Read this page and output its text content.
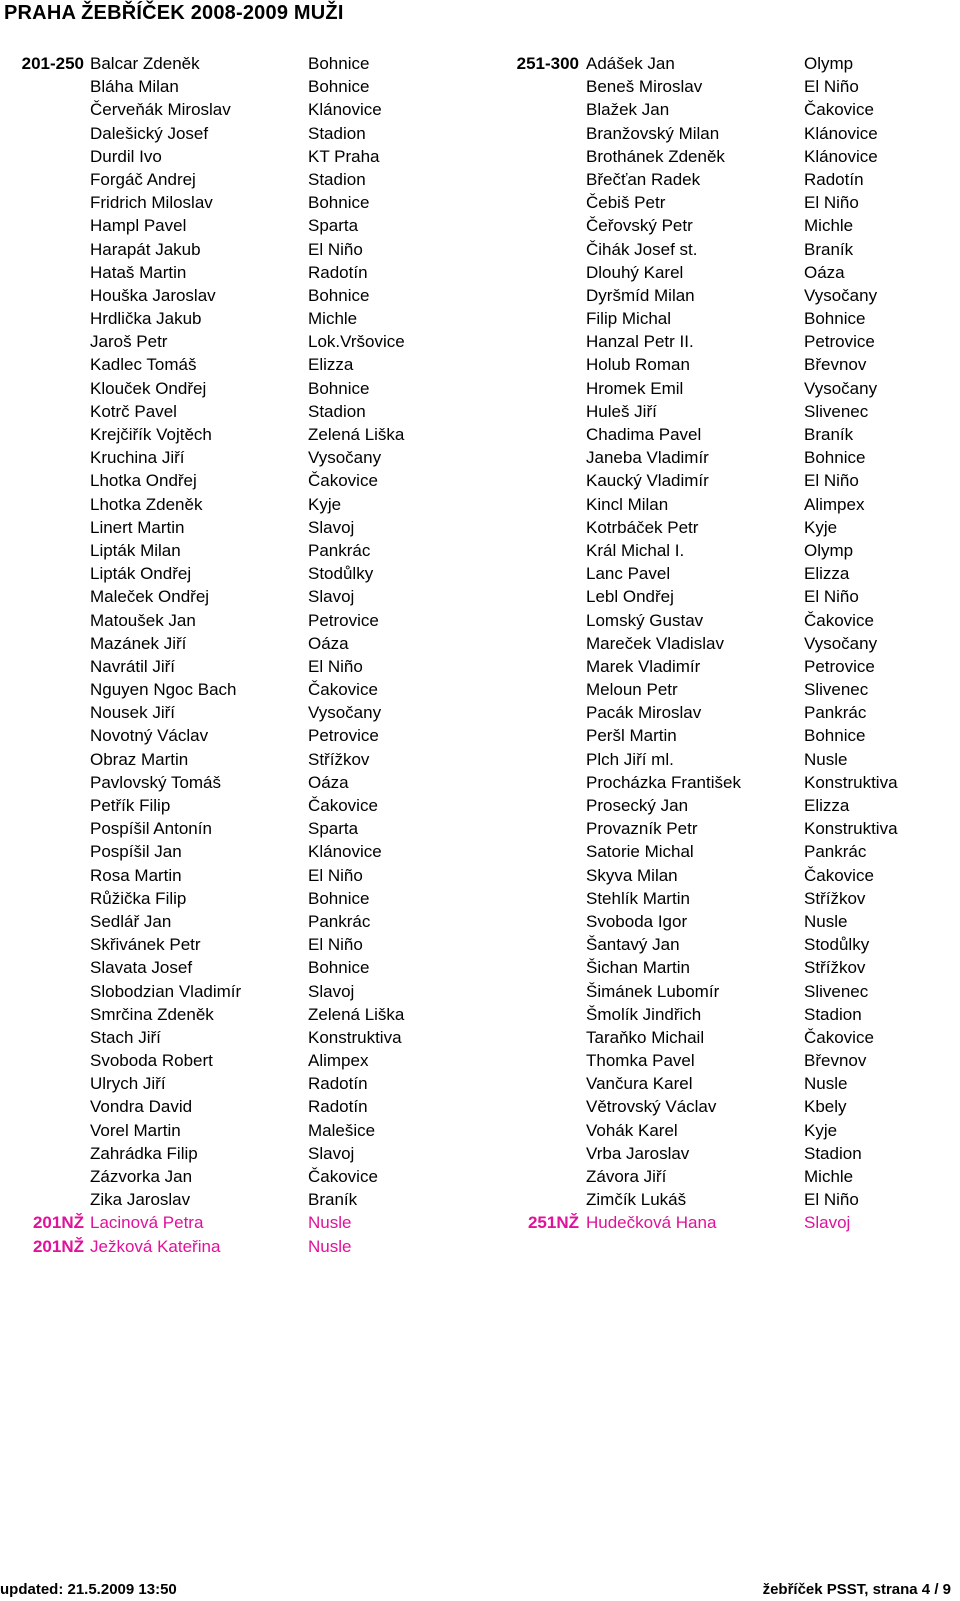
PRAHA ŽEBŘÍČEK 2008-2009 MUŽI
201-250 Balcar Zdeněk	Bohnice
Bláha Milan	Bohnice
Červeňák Miroslav	Klánovice
Dalešický Josef	Stadion
Durdil Ivo	KT Praha
Forgáč Andrej	Stadion
Fridrich Miloslav	Bohnice
Hampl Pavel	Sparta
Harapát Jakub	El Niño
Hataš Martin	Radotín
Houška Jaroslav	Bohnice
Hrdlička Jakub	Michle
Jaroš Petr	Lok.Vršovice
Kadlec Tomáš	Elizza
Klouček Ondřej	Bohnice
Kotrč Pavel	Stadion
Krejčiřík Vojtěch	Zelená Liška
Kruchina Jiří	Vysočany
Lhotka Ondřej	Čakovice
Lhotka Zdeněk	Kyje
Linert Martin	Slavoj
Lipták Milan	Pankrác
Lipták Ondřej	Stodůlky
Maleček Ondřej	Slavoj
Matoušek Jan	Petrovice
Mazánek Jiří	Oáza
Navrátil Jiří	El Niño
Nguyen Ngoc Bach	Čakovice
Nousek Jiří	Vysočany
Novotný Václav	Petrovice
Obraz Martin	Střížkov
Pavlovský Tomáš	Oáza
Petřík Filip	Čakovice
Pospíšil Antonín	Sparta
Pospíšil Jan	Klánovice
Rosa Martin	El Niño
Růžička Filip	Bohnice
Sedlář Jan	Pankrác
Skřivánek Petr	El Niño
Slavata Josef	Bohnice
Slobodzian Vladimír	Slavoj
Smrčina Zdeněk	Zelená Liška
Stach Jiří	Konstruktiva
Svoboda Robert	Alimpex
Ulrych Jiří	Radotín
Vondra David	Radotín
Vorel Martin	Malešice
Zahrádka Filip	Slavoj
Zázvorka Jan	Čakovice
Zika Jaroslav	Braník
201NŽ Lacinová Petra	Nusle
201NŽ Ježková Kateřina	Nusle
251-300 Adášek Jan	Olymp
Beneš Miroslav	El Niño
Blažek Jan	Čakovice
Branžovský Milan	Klánovice
Brothánek Zdeněk	Klánovice
Břečťan Radek	Radotín
Čebiš Petr	El Niño
Čeřovský Petr	Michle
Čihák Josef st.	Braník
Dlouhý Karel	Oáza
Dyršmíd Milan	Vysočany
Filip Michal	Bohnice
Hanzal Petr II.	Petrovice
Holub Roman	Břevnov
Hromek Emil	Vysočany
Huleš Jiří	Slivenec
Chadima Pavel	Braník
Janeba Vladimír	Bohnice
Kaucký Vladimír	El Niño
Kincl Milan	Alimpex
Kotrbáček Petr	Kyje
Král Michal I.	Olymp
Lanc Pavel	Elizza
Lebl Ondřej	El Niño
Lomský Gustav	Čakovice
Mareček Vladislav	Vysočany
Marek Vladimír	Petrovice
Meloun Petr	Slivenec
Pacák Miroslav	Pankrác
Peršl Martin	Bohnice
Plch Jiří ml.	Nusle
Procházka František	Konstruktiva
Prosecký Jan	Elizza
Provazník Petr	Konstruktiva
Satorie Michal	Pankrác
Skyva Milan	Čakovice
Stehlík Martin	Střížkov
Svoboda Igor	Nusle
Šantavý Jan	Stodůlky
Šichan Martin	Střížkov
Šimánek Lubomír	Slivenec
Šmolík Jindřich	Stadion
Taraňko Michail	Čakovice
Thomka Pavel	Břevnov
Vančura Karel	Nusle
Větrovský Václav	Kbely
Vohák Karel	Kyje
Vrba Jaroslav	Stadion
Závora Jiří	Michle
Zimčík Lukáš	El Niño
251NŽ Hudečková Hana	Slavoj
updated: 21.5.2009 13:50	žebříček PSST, strana 4 / 9
